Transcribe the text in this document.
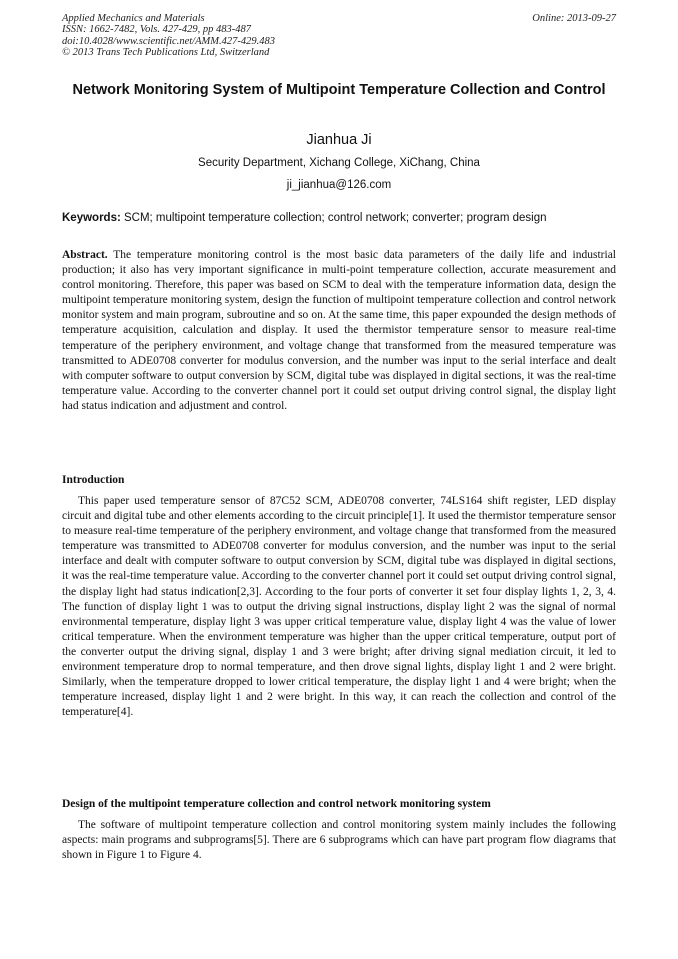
Applied Mechanics and Materials
ISSN: 1662-7482, Vols. 427-429, pp 483-487
doi:10.4028/www.scientific.net/AMM.427-429.483
© 2013 Trans Tech Publications Ltd, Switzerland
Online: 2013-09-27
Network Monitoring System of Multipoint Temperature Collection and Control
Jianhua Ji
Security Department, Xichang College, XiChang, China
ji_jianhua@126.com
Keywords: SCM; multipoint temperature collection; control network; converter; program design
Abstract. The temperature monitoring control is the most basic data parameters of the daily life and industrial production; it also has very important significance in multi-point temperature collection, accurate measurement and control monitoring. Therefore, this paper was based on SCM to deal with the temperature information data, design the multipoint temperature monitoring system, design the function of multipoint temperature collection and control network monitor system and main program, subroutine and so on. At the same time, this paper expounded the design methods of temperature acquisition, calculation and display. It used the thermistor temperature sensor to measure real-time temperature of the periphery environment, and voltage change that transformed from the measured temperature was transmitted to ADE0708 converter for modulus conversion, and the number was input to the serial interface and dealt with computer software to output conversion by SCM, digital tube was displayed in digital sections, it was the real-time temperature value. According to the converter channel port it could set output driving control signal, the display light had status indication and adjustment and control.
Introduction
This paper used temperature sensor of 87C52 SCM, ADE0708 converter, 74LS164 shift register, LED display circuit and digital tube and other elements according to the circuit principle[1]. It used the thermistor temperature sensor to measure real-time temperature of the periphery environment, and voltage change that transformed from the measured temperature was transmitted to ADE0708 converter for modulus conversion, and the number was input to the serial interface and dealt with computer software to output conversion by SCM, digital tube was displayed in digital sections, it was the real-time temperature value. According to the converter channel port it could set output driving control signal, the display light had status indication[2,3]. According to the four ports of converter it set four display lights 1, 2, 3, 4. The function of display light 1 was to output the driving signal instructions, display light 2 was the signal of normal environmental temperature, display light 3 was upper critical temperature value, display light 4 was the value of lower critical temperature. When the environment temperature was higher than the upper critical temperature, output port of the converter output the driving signal, display 1 and 3 were bright; after driving signal mediation circuit, it led to environment temperature drop to normal temperature, and then drove signal lights, display light 1 and 2 were bright. Similarly, when the temperature dropped to lower critical temperature, the display light 1 and 4 were bright; when the temperature increased, display light 1 and 2 were bright. In this way, it can reach the collection and control of the temperature[4].
Design of the multipoint temperature collection and control network monitoring system
The software of multipoint temperature collection and control monitoring system mainly includes the following aspects: main programs and subprograms[5]. There are 6 subprograms which can have part program flow diagrams that shown in Figure 1 to Figure 4.
